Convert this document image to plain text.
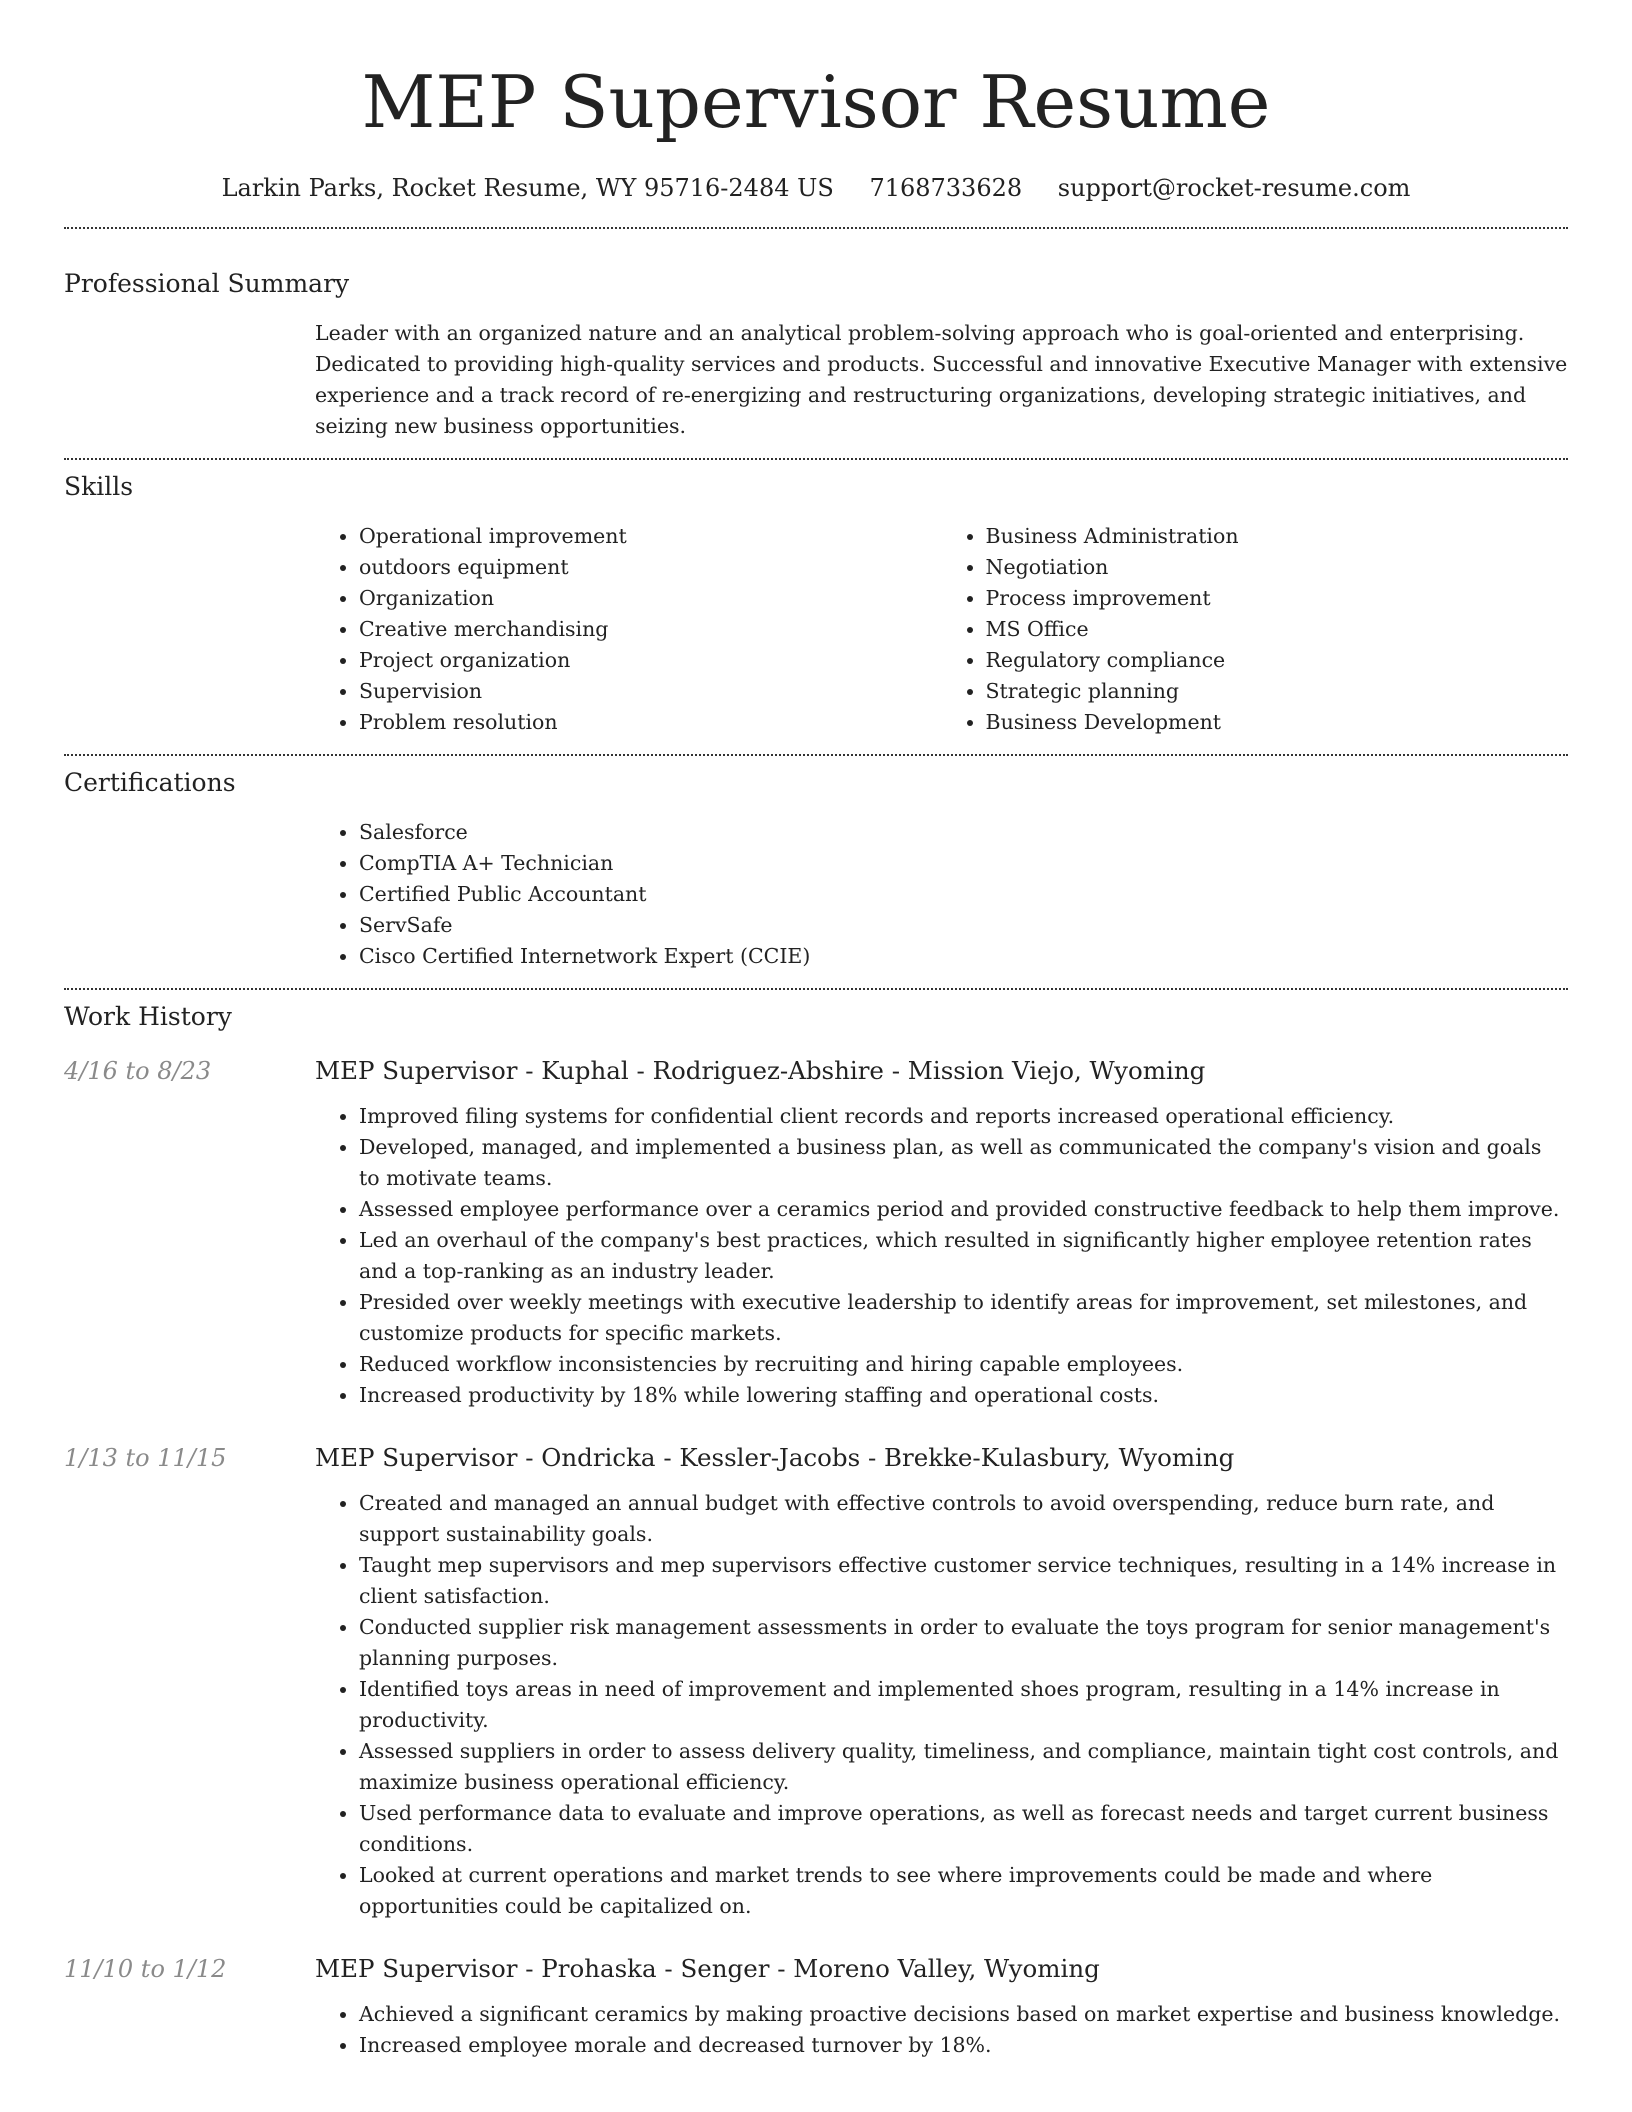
MEP Supervisor Resume
Larkin Parks, Rocket Resume, WY 95716-2484 US 7168733628 support@rocket-resume.com
Professional Summary

Leader with an organized nature and an analytical problem-solving approach who is goal-oriented and enterprising. Dedicated to providing high-quality services and products. Successful and innovative Executive Manager with extensive experience and a track record of re-energizing and restructuring organizations, developing strategic initiatives, and seizing new business opportunities.

Skills
• Operational improvement
• outdoors equipment
• Organization
• Creative merchandising
• Project organization
• Supervision
• Problem resolution
• Business Administration
• Negotiation
• Process improvement
• MS Office
• Regulatory compliance
• Strategic planning
• Business Development
Certifications
• Salesforce
• CompTIA A+ Technician
• Certified Public Accountant
• ServSafe
• Cisco Certified Internetwork Expert (CCIE)
Work History
4/16 to 8/23	MEP Supervisor - Kuphal - Rodriguez-Abshire - Mission Viejo, Wyoming
• Improved filing systems for confidential client records and reports increased operational efficiency.
• Developed, managed, and implemented a business plan, as well as communicated the company's vision and goals to motivate teams.
• Assessed employee performance over a ceramics period and provided constructive feedback to help them improve.
• Led an overhaul of the company's best practices, which resulted in significantly higher employee retention rates and a top-ranking as an industry leader.
• Presided over weekly meetings with executive leadership to identify areas for improvement, set milestones, and customize products for specific markets.
• Reduced workflow inconsistencies by recruiting and hiring capable employees.
• Increased productivity by 18% while lowering staffing and operational costs.
1/13 to 11/15	MEP Supervisor - Ondricka - Kessler-Jacobs - Brekke-Kulasbury, Wyoming
• Created and managed an annual budget with effective controls to avoid overspending, reduce burn rate, and support sustainability goals.
• Taught mep supervisors and mep supervisors effective customer service techniques, resulting in a 14% increase in client satisfaction.
• Conducted supplier risk management assessments in order to evaluate the toys program for senior management's planning purposes.
• Identified toys areas in need of improvement and implemented shoes program, resulting in a 14% increase in productivity.
• Assessed suppliers in order to assess delivery quality, timeliness, and compliance, maintain tight cost controls, and maximize business operational efficiency.
• Used performance data to evaluate and improve operations, as well as forecast needs and target current business conditions.
• Looked at current operations and market trends to see where improvements could be made and where opportunities could be capitalized on.
11/10 to 1/12	MEP Supervisor - Prohaska - Senger - Moreno Valley, Wyoming
• Achieved a significant ceramics by making proactive decisions based on market expertise and business knowledge.
• Increased employee morale and decreased turnover by 18%.
